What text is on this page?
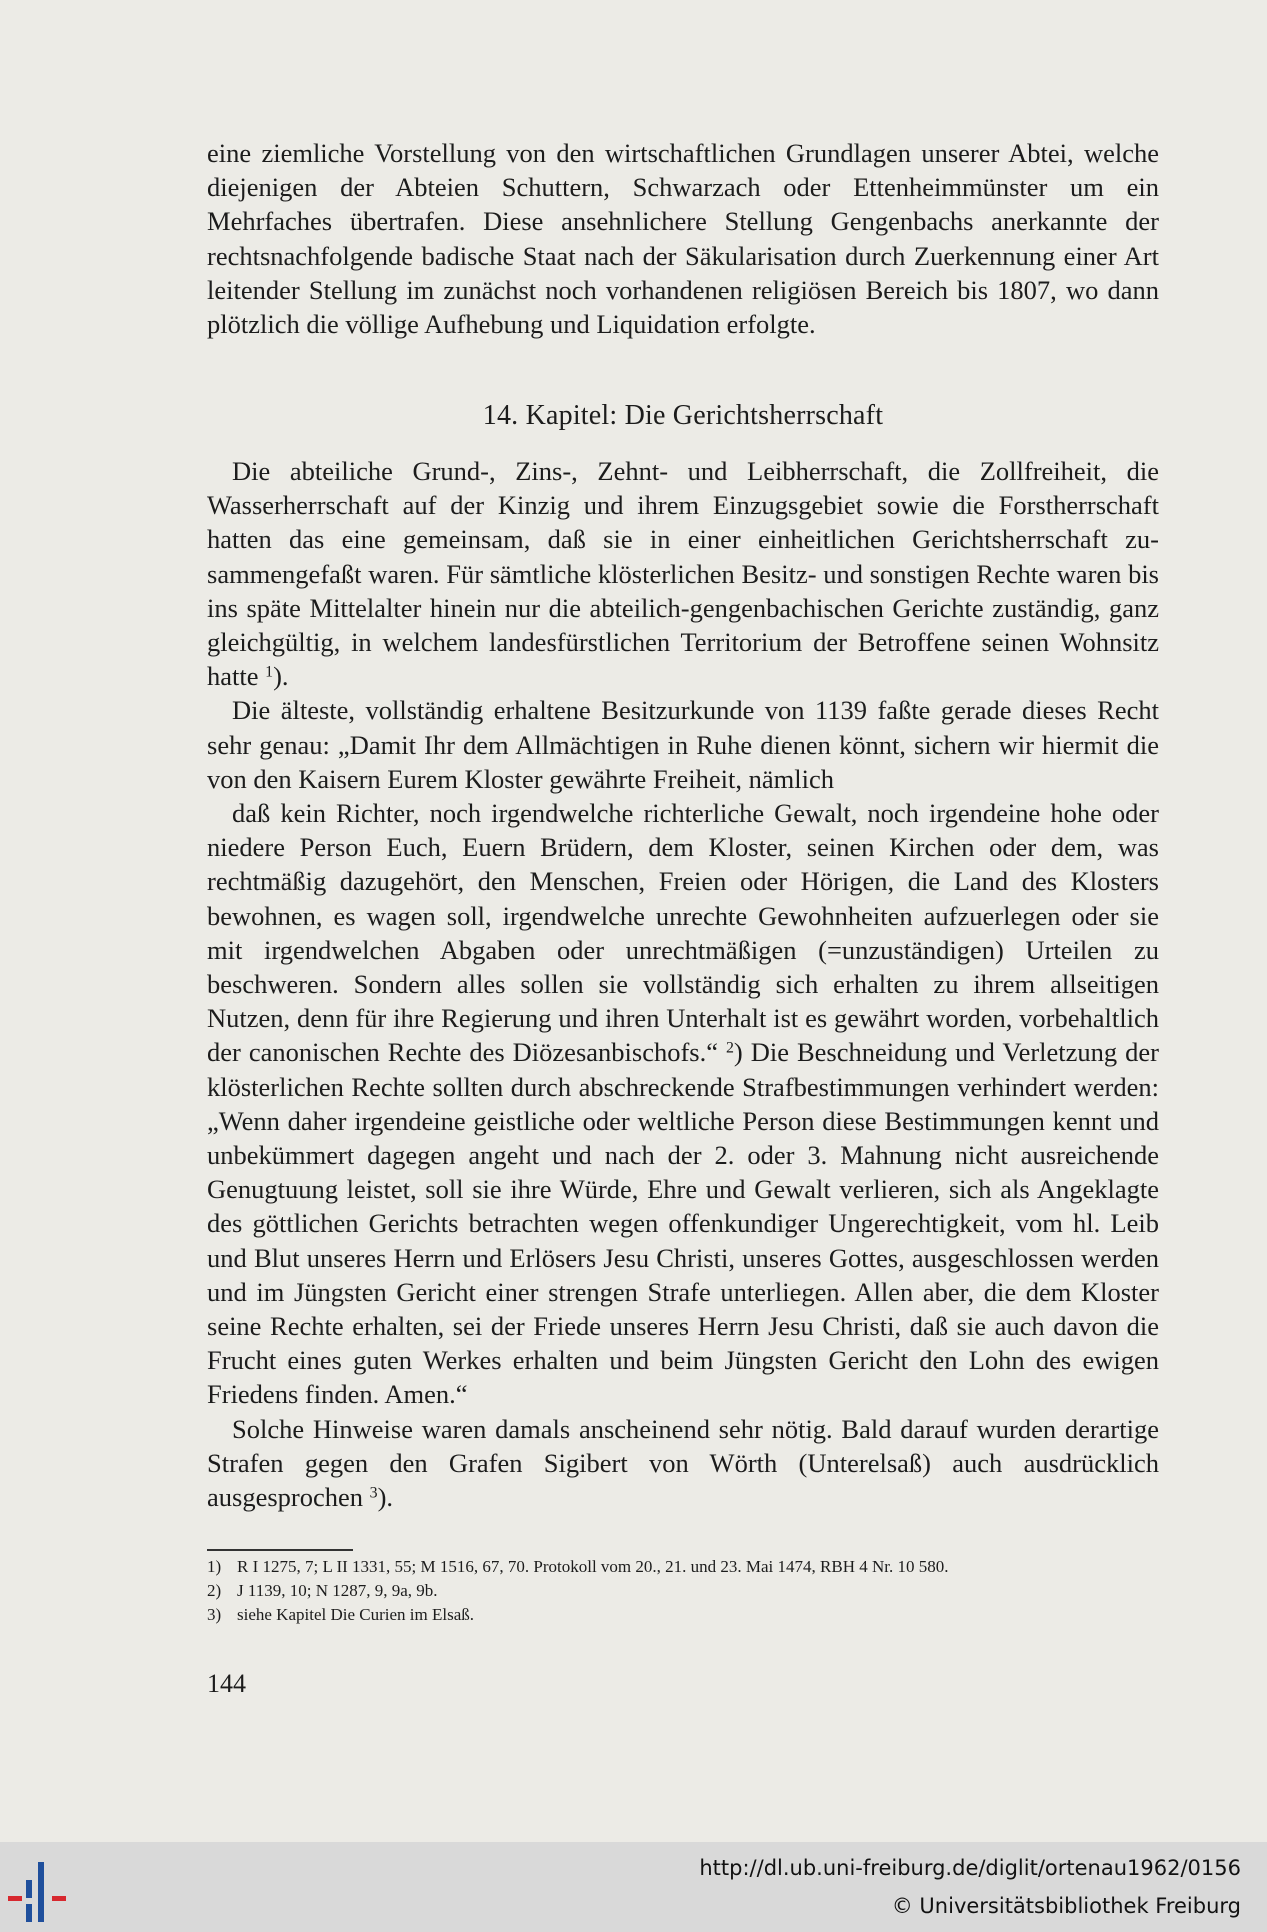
eine ziemliche Vorstellung von den wirtschaftlichen Grundlagen unserer Abtei, welche diejenigen der Abteien Schuttern, Schwarzach oder Ettenheimmünster um ein Mehrfaches übertrafen. Diese ansehnlichere Stellung Gengenbachs anerkannte der rechtsnachfolgende badische Staat nach der Säkularisation durch Zuerkennung einer Art leitender Stellung im zunächst noch vorhandenen religiösen Bereich bis 1807, wo dann plötzlich die völlige Aufhebung und Liquidation erfolgte.

14. Kapitel: Die Gerichtsherrschaft

Die abteiliche Grund-, Zins-, Zehnt- und Leibherrschaft, die Zollfreiheit, die Wasserherrschaft auf der Kinzig und ihrem Einzugsgebiet sowie die Forstherrschaft hatten das eine gemeinsam, daß sie in einer einheitlichen Gerichtsherrschaft zusammengefaßt waren. Für sämtliche klösterlichen Besitz- und sonstigen Rechte waren bis ins späte Mittelalter hinein nur die abteilich-gengenbachischen Gerichte zuständig, ganz gleichgültig, in welchem landesfürstlichen Territorium der Betroffene seinen Wohnsitz hatte $^1$).

Die älteste, vollständig erhaltene Besitzurkunde von 1139 faßte gerade dieses Recht sehr genau: „Damit Ihr dem Allmächtigen in Ruhe dienen könnt, sichern wir hiermit die von den Kaisern Eurem Kloster gewährte Freiheit, nämlich

daß kein Richter, noch irgendwelche richterliche Gewalt, noch irgendeine hohe oder niedere Person Euch, Euern Brüdern, dem Kloster, seinen Kirchen oder dem, was rechtmäßig dazugehört, den Menschen, Freien oder Hörigen, die Land des Klosters bewohnen, es wagen soll, irgendwelche unrechte Gewohnheiten aufzuerlegen oder sie mit irgendwelchen Abgaben oder unrechtmäßigen (=unzuständigen) Urteilen zu beschweren. Sondern alles sollen sie vollständig sich erhalten zu ihrem allseitigen Nutzen, denn für ihre Regierung und ihren Unterhalt ist es gewährt worden, vorbehaltlich der canonischen Rechte des Diözesanbischofs.“ $^2$) Die Beschneidung und Verletzung der klösterlichen Rechte sollten durch abschreckende Strafbestimmungen verhindert werden: „Wenn daher irgendeine geistliche oder weltliche Person diese Bestimmungen kennt und unbekümmert dagegen angeht und nach der 2. oder 3. Mahnung nicht ausreichende Genugtuung leistet, soll sie ihre Würde, Ehre und Gewalt verlieren, sich als Angeklagte des göttlichen Gerichts betrachten wegen offenkundiger Ungerechtigkeit, vom hl. Leib und Blut unseres Herrn und Erlösers Jesu Christi, unseres Gottes, ausgeschlossen werden und im Jüngsten Gericht einer strengen Strafe unterliegen. Allen aber, die dem Kloster seine Rechte erhalten, sei der Friede unseres Herrn Jesu Christi, daß sie auch davon die Frucht eines guten Werkes erhalten und beim Jüngsten Gericht den Lohn des ewigen Friedens finden. Amen.“

Solche Hinweise waren damals anscheinend sehr nötig. Bald darauf wurden derartige Strafen gegen den Grafen Sigibert von Wörth (Unterelsaß) auch ausdrücklich ausgesprochen $^3$).

1) R I 1275, 7; L II 1331, 55; M 1516, 67, 70. Protokoll vom 20., 21. und 23. Mai 1474, RBH 4 Nr. 10 580.
2) J 1139, 10; N 1287, 9, 9a, 9b.
3) siehe Kapitel Die Curien im Elsaß.
144
http://dl.ub.uni-freiburg.de/diglit/ortenau1962/0156
© Universitätsbibliothek Freiburg
